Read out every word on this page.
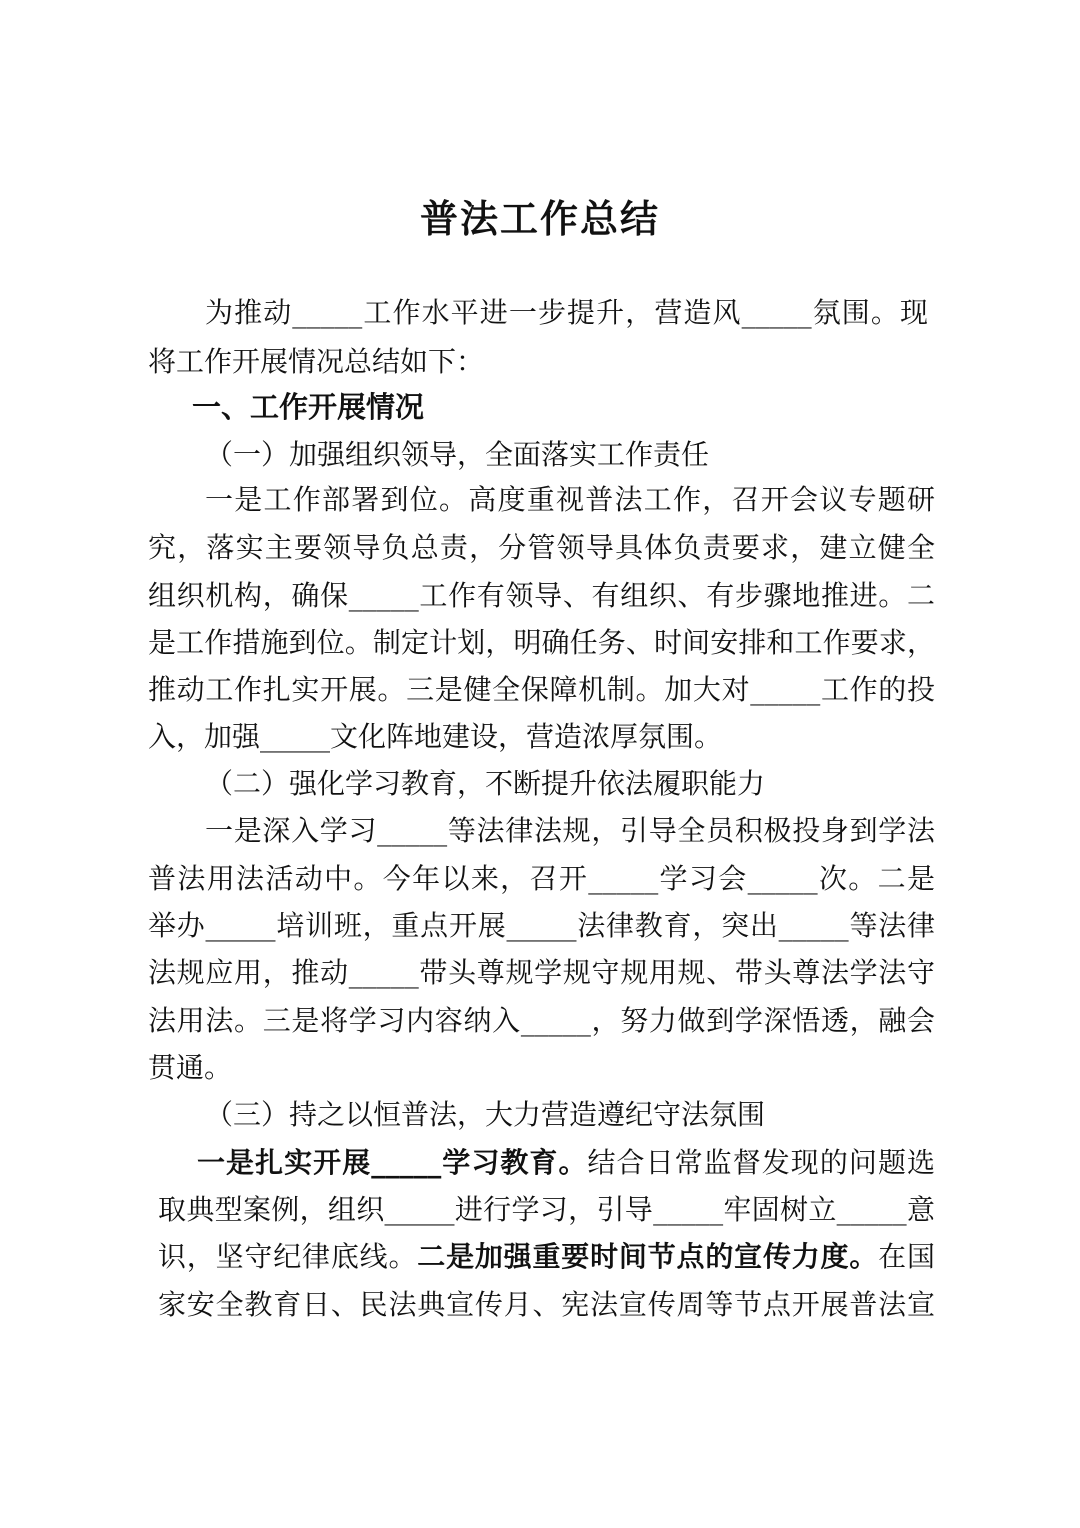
普法工作总结
为推动_____工作水平进一步提升，营造风_____氛围。现
将工作开展情况总结如下：
一、工作开展情况
（一）加强组织领导，全面落实工作责任
一是工作部署到位。高度重视普法工作，召开会议专题研
究，落实主要领导负总责，分管领导具体负责要求，建立健全
组织机构，确保_____工作有领导、有组织、有步骤地推进。二
是工作措施到位。制定计划，明确任务、时间安排和工作要求，
推动工作扎实开展。三是健全保障机制。加大对_____工作的投
入，加强_____文化阵地建设，营造浓厚氛围。
（二）强化学习教育，不断提升依法履职能力
一是深入学习_____等法律法规，引导全员积极投身到学法
普法用法活动中。今年以来，召开_____学习会_____次。二是
举办_____培训班，重点开展_____法律教育，突出_____等法律
法规应用，推动_____带头尊规学规守规用规、带头尊法学法守
法用法。三是将学习内容纳入_____，努力做到学深悟透，融会
贯通。
（三）持之以恒普法，大力营造遵纪守法氛围
一是扎实开展_____学习教育。结合日常监督发现的问题选
取典型案例，组织_____进行学习，引导_____牢固树立_____意
识，坚守纪律底线。二是加强重要时间节点的宣传力度。在国
家安全教育日、民法典宣传月、宪法宣传周等节点开展普法宣
